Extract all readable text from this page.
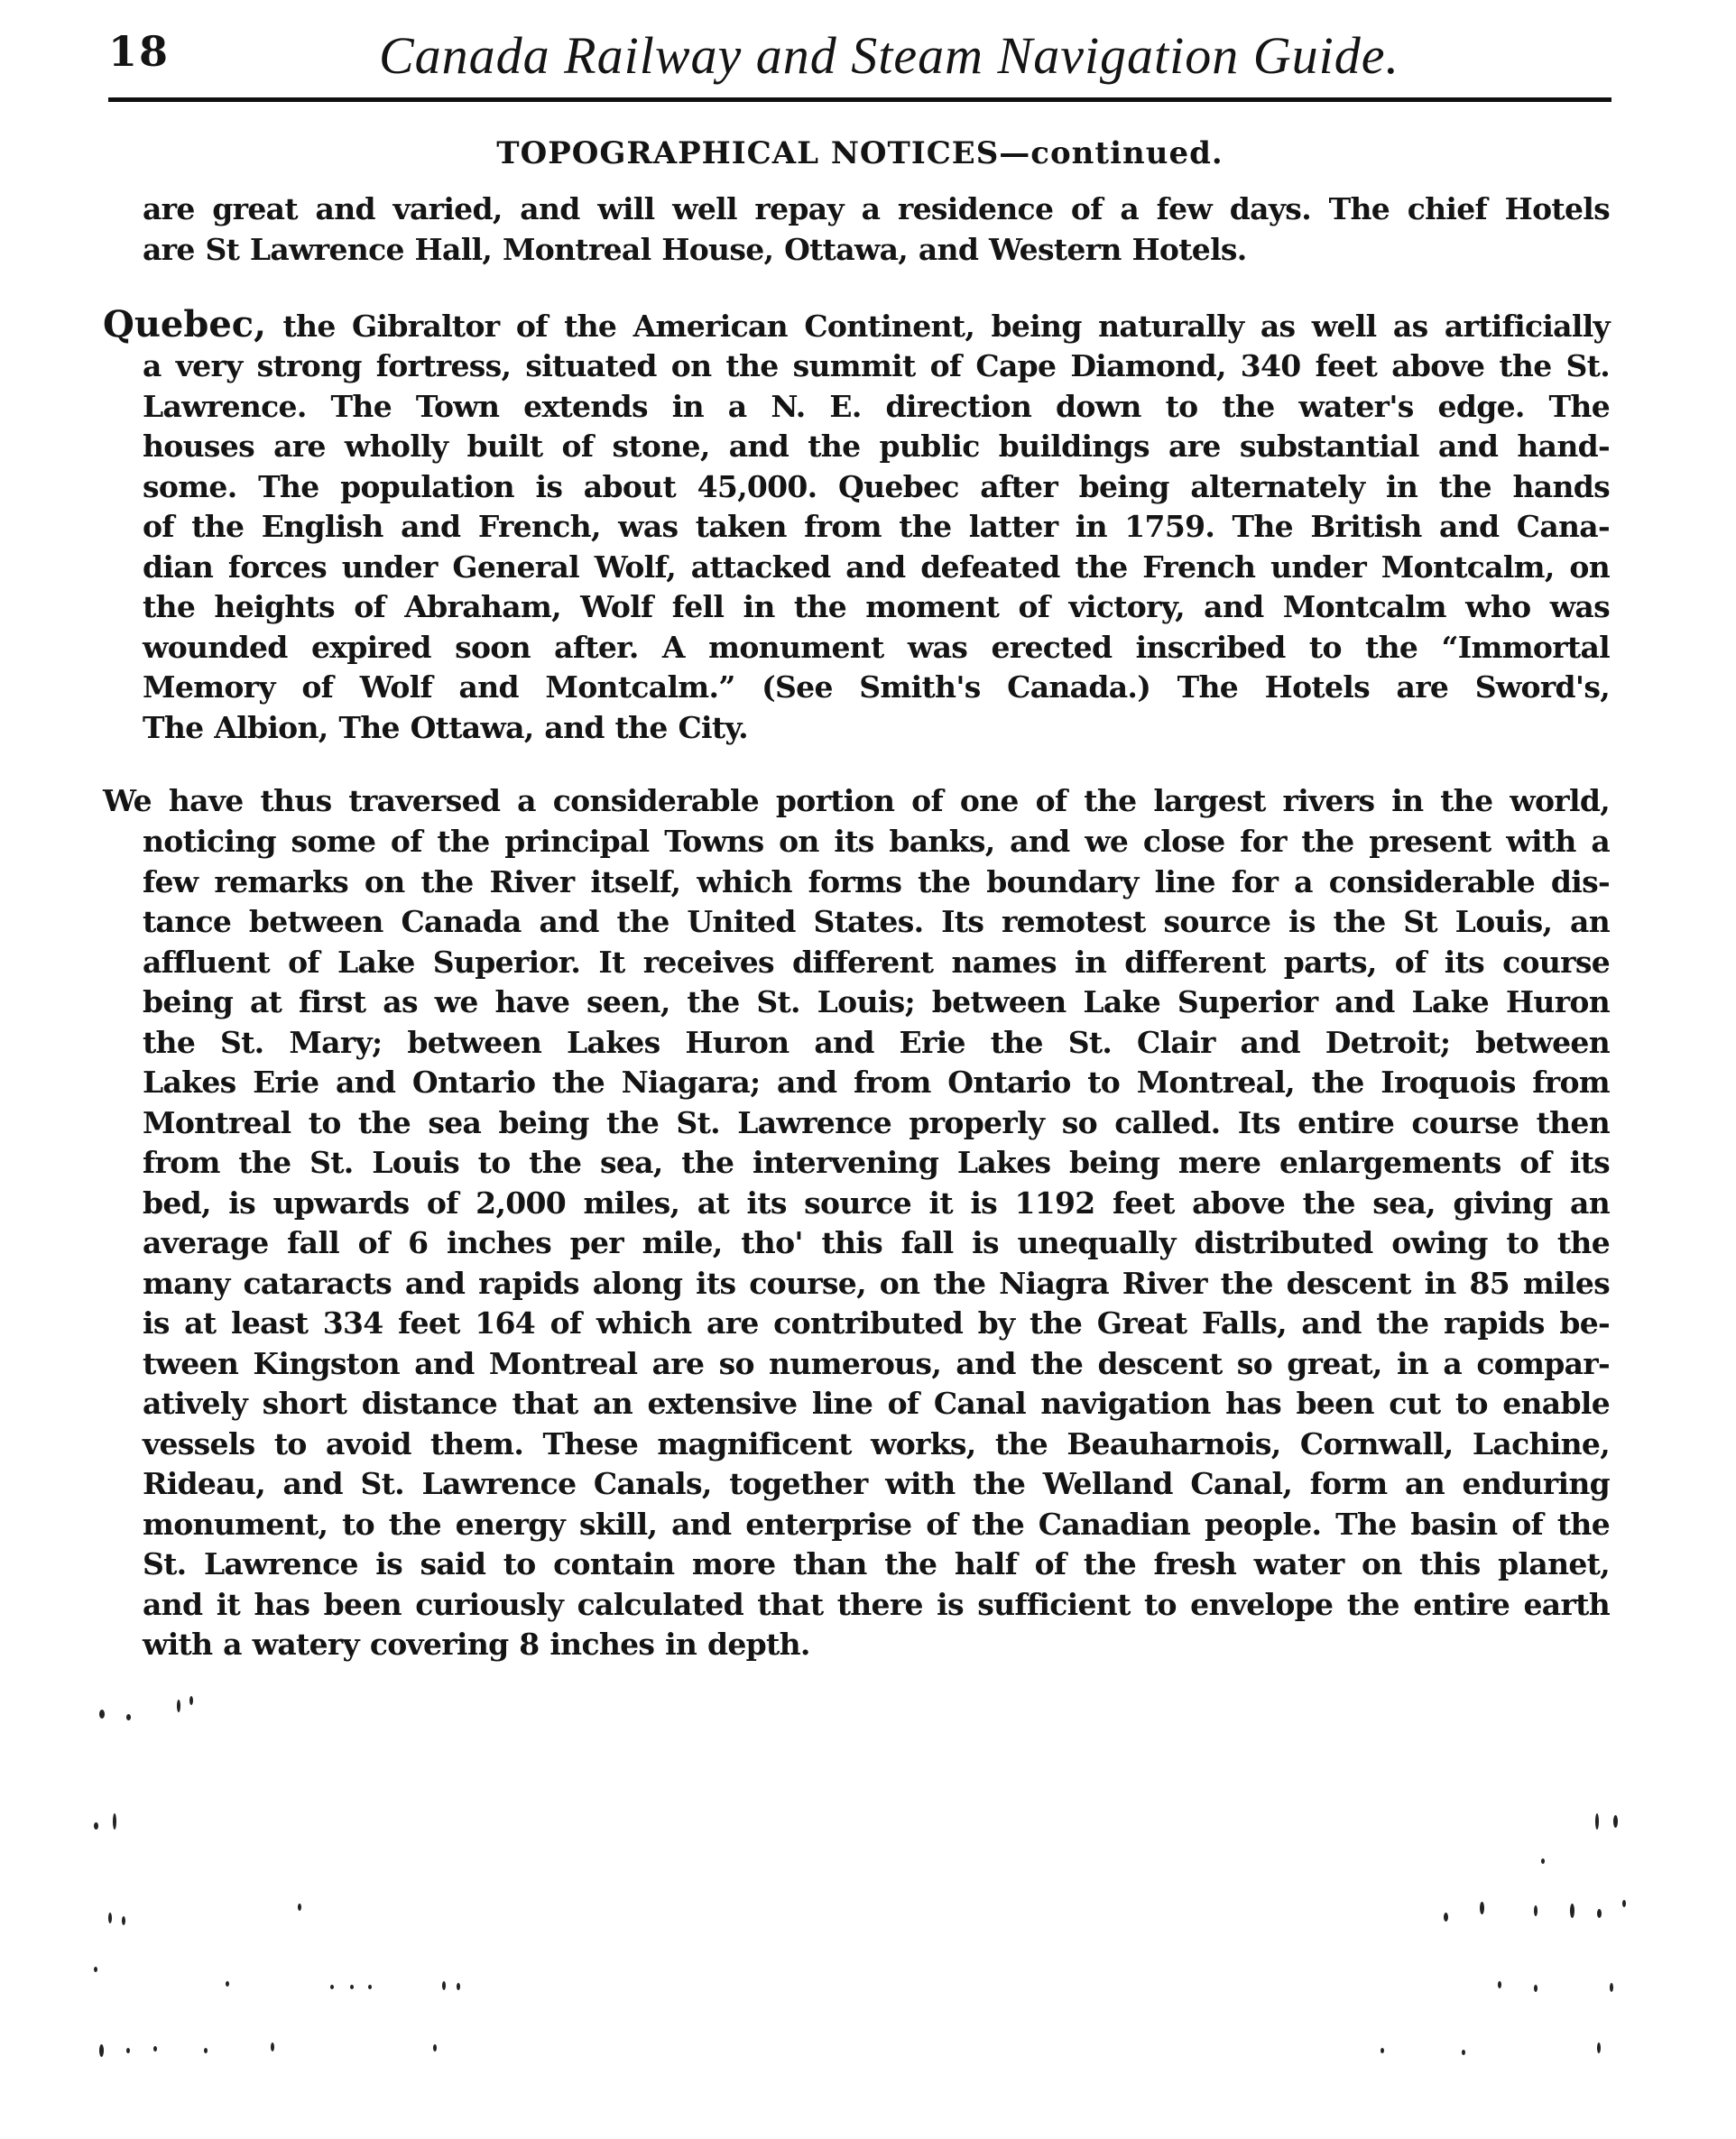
18	Canada Railway and Steam Navigation Guide.
TOPOGRAPHICAL NOTICES—continued.
are great and varied, and will well repay a residence of a few days. The chief Hotels
are St Lawrence Hall, Montreal House, Ottawa, and Western Hotels.
Quebec, the Gibraltor of the American Continent, being naturally as well as artificially
a very strong fortress, situated on the summit of Cape Diamond, 340 feet above the St.
Lawrence. The Town extends in a N. E. direction down to the water's edge. The
houses are wholly built of stone, and the public buildings are substantial and hand-
some. The population is about 45,000. Quebec after being alternately in the hands
of the English and French, was taken from the latter in 1759. The British and Cana-
dian forces under General Wolf, attacked and defeated the French under Montcalm, on
the heights of Abraham, Wolf fell in the moment of victory, and Montcalm who was
wounded expired soon after. A monument was erected inscribed to the “Immortal
Memory of Wolf and Montcalm.” (See Smith's Canada.) The Hotels are Sword's,
The Albion, The Ottawa, and the City.
We have thus traversed a considerable portion of one of the largest rivers in the world,
noticing some of the principal Towns on its banks, and we close for the present with a
few remarks on the River itself, which forms the boundary line for a considerable dis-
tance between Canada and the United States. Its remotest source is the St Louis, an
affluent of Lake Superior. It receives different names in different parts, of its course
being at first as we have seen, the St. Louis; between Lake Superior and Lake Huron
the St. Mary; between Lakes Huron and Erie the St. Clair and Detroit; between
Lakes Erie and Ontario the Niagara; and from Ontario to Montreal, the Iroquois from
Montreal to the sea being the St. Lawrence properly so called. Its entire course then
from the St. Louis to the sea, the intervening Lakes being mere enlargements of its
bed, is upwards of 2,000 miles, at its source it is 1192 feet above the sea, giving an
average fall of 6 inches per mile, tho' this fall is unequally distributed owing to the
many cataracts and rapids along its course, on the Niagra River the descent in 85 miles
is at least 334 feet 164 of which are contributed by the Great Falls, and the rapids be-
tween Kingston and Montreal are so numerous, and the descent so great, in a compar-
atively short distance that an extensive line of Canal navigation has been cut to enable
vessels to avoid them. These magnificent works, the Beauharnois, Cornwall, Lachine,
Rideau, and St. Lawrence Canals, together with the Welland Canal, form an enduring
monument, to the energy skill, and enterprise of the Canadian people. The basin of the
St. Lawrence is said to contain more than the half of the fresh water on this planet,
and it has been curiously calculated that there is sufficient to envelope the entire earth
with a watery covering 8 inches in depth.
